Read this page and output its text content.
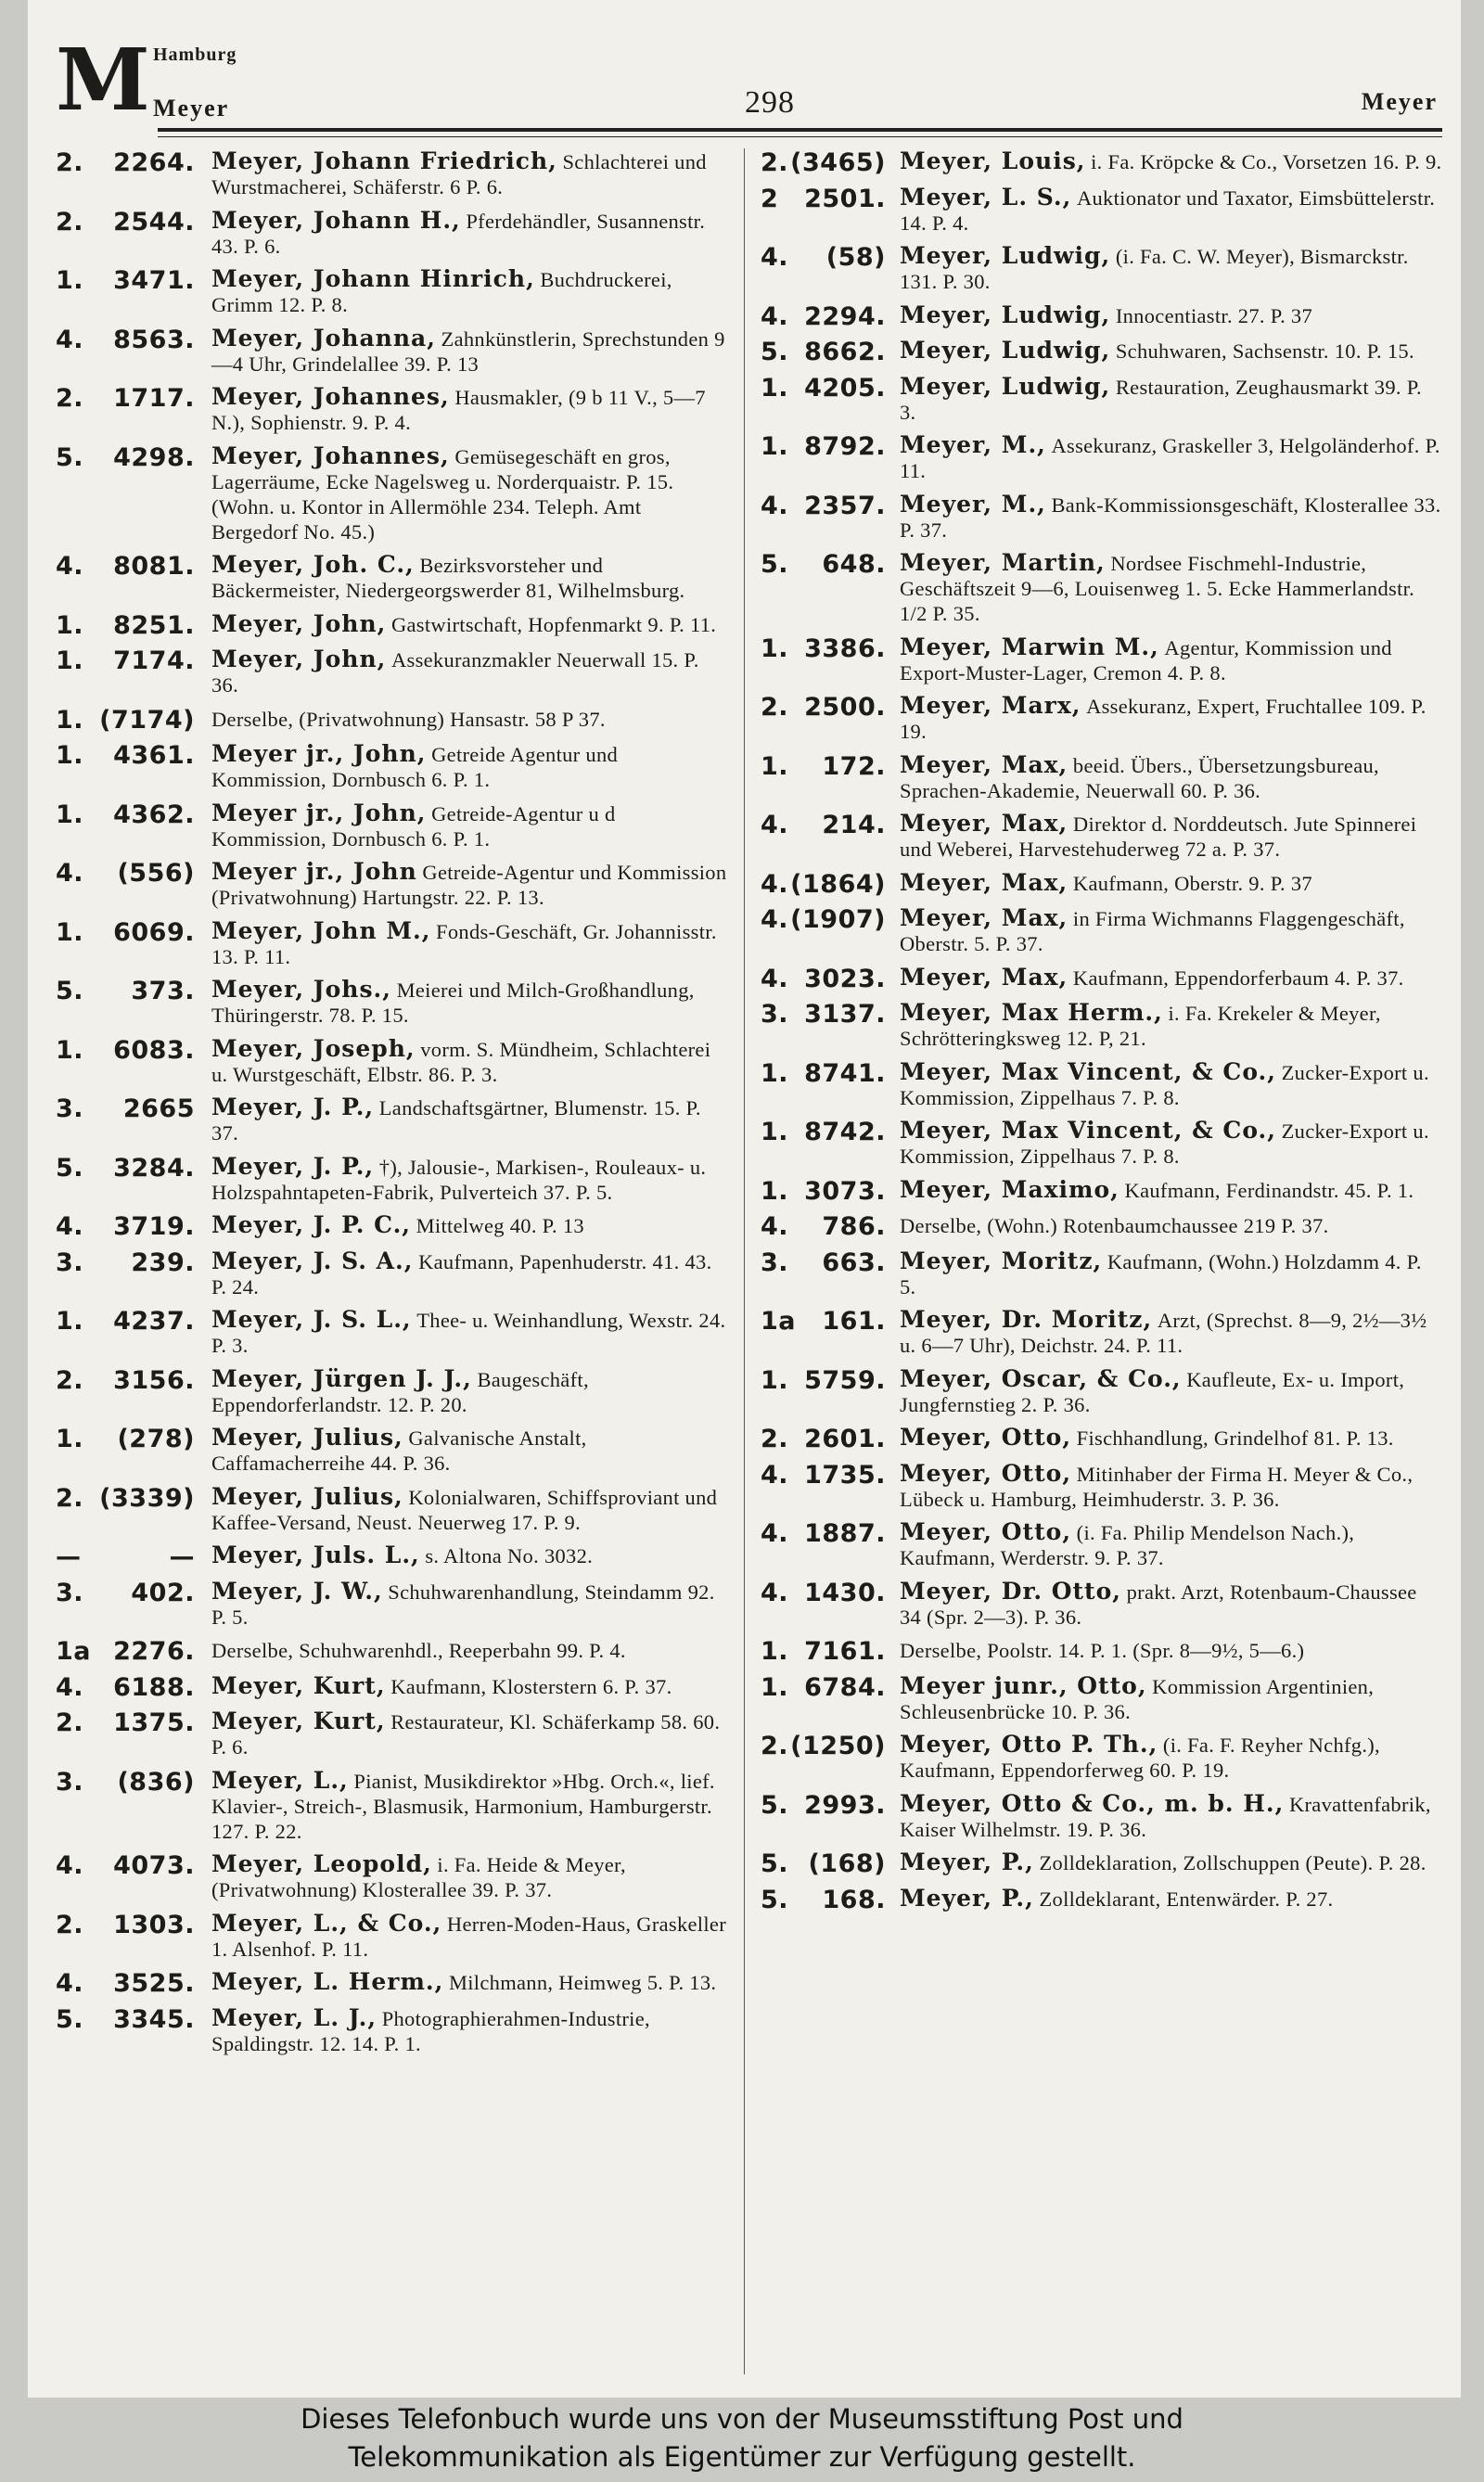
M Hamburg
Meyer	298	Meyer
2. 2264. Meyer, Johann Friedrich, Schlachterei und Wurstmacherei, Schäferstr. 6 P. 6.
2. 2544. Meyer, Johann H., Pferdehändler, Susannenstr. 43. P. 6.
1. 3471. Meyer, Johann Hinrich, Buchdruckerei, Grimm 12. P. 8.
4. 8563. Meyer, Johanna, Zahnkünstlerin, Sprechstunden 9—4 Uhr, Grindelallee 39. P. 13
2. 1717. Meyer, Johannes, Hausmakler, (9 b 11 V., 5—7 N.), Sophienstr. 9. P. 4.
5. 4298. Meyer, Johannes, Gemüsegeschäft en gros, Lagerräume, Ecke Nagelsweg u. Norderquaistr. P. 15. (Wohn. u. Kontor in Allermöhle 234. Teleph. Amt Bergedorf No. 45.)
4. 8081. Meyer, Joh. C., Bezirksvorsteher und Bäckermeister, Niedergeorgswerder 81, Wilhelmsburg.
1. 8251. Meyer, John, Gastwirtschaft, Hopfenmarkt 9. P. 11.
1. 7174. Meyer, John, Assekuranzmakler Neuerwall 15. P. 36.
1. (7174) Derselbe, (Privatwohnung) Hansastr. 58 P 37.
1. 4361. Meyer jr., John, Getreide Agentur und Kommission, Dornbusch 6. P. 1.
1. 4362. Meyer jr., John, Getreide-Agentur u d Kommission, Dornbusch 6. P. 1.
4. (556) Meyer jr., John Getreide-Agentur und Kommission (Privatwohnung) Hartungstr. 22. P. 13.
1. 6069. Meyer, John M., Fonds-Geschäft, Gr. Johannisstr. 13. P. 11.
5. 373. Meyer, Johs., Meierei und Milch-Großhandlung, Thüringerstr. 78. P. 15.
1. 6083. Meyer, Joseph, vorm. S. Mündheim, Schlachterei u. Wurstgeschäft, Elbstr. 86. P. 3.
3. 2665 Meyer, J. P., Landschaftsgärtner, Blumenstr. 15. P. 37.
5. 3284. Meyer, J. P., †), Jalousie-, Markisen-, Rouleaux- u. Holzspahntapeten-Fabrik, Pulverteich 37. P. 5.
4. 3719. Meyer, J. P. C., Mittelweg 40. P. 13
3. 239. Meyer, J. S. A., Kaufmann, Papenhuderstr. 41. 43. P. 24.
1. 4237. Meyer, J. S. L., Thee- u. Weinhandlung, Wexstr. 24. P. 3.
2. 3156. Meyer, Jürgen J. J., Baugeschäft, Eppendorferlandstr. 12. P. 20.
1. (278) Meyer, Julius, Galvanische Anstalt, Caffamacherreihe 44. P. 36.
2. (3339) Meyer, Julius, Kolonialwaren, Schiffsproviant und Kaffee-Versand, Neust. Neuerweg 17. P. 9.
—	— Meyer, Juls. L., s. Altona No. 3032.
3. 402. Meyer, J. W., Schuhwarenhandlung, Steindamm 92. P. 5.
1a 2276. Derselbe, Schuhwarenhdl., Reeperbahn 99. P. 4.
4. 6188. Meyer, Kurt, Kaufmann, Klosterstern 6. P. 37.
2. 1375. Meyer, Kurt, Restaurateur, Kl. Schäferkamp 58. 60. P. 6.
3. (836) Meyer, L., Pianist, Musikdirektor »Hbg. Orch.«, lief. Klavier-, Streich-, Blasmusik, Harmonium, Hamburgerstr. 127. P. 22.
4. 4073. Meyer, Leopold, i. Fa. Heide & Meyer, (Privatwohnung) Klosterallee 39. P. 37.
2. 1303. Meyer, L., & Co., Herren-Moden-Haus, Graskeller 1. Alsenhof. P. 11.
4. 3525. Meyer, L. Herm., Milchmann, Heimweg 5. P. 13.
5. 3345. Meyer, L. J., Photographierahmen-Industrie, Spaldingstr. 12. 14. P. 1.
2. (3465) Meyer, Louis, i. Fa. Kröpcke & Co., Vorsetzen 16. P. 9.
2 2501. Meyer, L. S., Auktionator und Taxator, Eimsbüttelerstr. 14. P. 4.
4. (58) Meyer, Ludwig, (i. Fa. C. W. Meyer), Bismarckstr. 131. P. 30.
4. 2294. Meyer, Ludwig, Innocentiastr. 27. P. 37
5. 8662. Meyer, Ludwig, Schuhwaren, Sachsenstr. 10. P. 15.
1. 4205. Meyer, Ludwig, Restauration, Zeughausmarkt 39. P. 3.
1. 8792. Meyer, M., Assekuranz, Graskeller 3, Helgoländerhof. P. 11.
4. 2357. Meyer, M., Bank-Kommissionsgeschäft, Klosterallee 33. P. 37.
5. 648. Meyer, Martin, Nordsee Fischmehl-Industrie, Geschäftszeit 9—6, Louisenweg 1. 5. Ecke Hammerlandstr. 1/2 P. 35.
1. 3386. Meyer, Marwin M., Agentur, Kommission und Export-Muster-Lager, Cremon 4. P. 8.
2. 2500. Meyer, Marx, Assekuranz, Expert, Fruchtallee 109. P. 19.
1. 172. Meyer, Max, beeid. Übers., Übersetzungsbureau, Sprachen-Akademie, Neuerwall 60. P. 36.
4. 214. Meyer, Max, Direktor d. Norddeutsch. Jute Spinnerei und Weberei, Harvestehuderweg 72 a. P. 37.
4. (1864) Meyer, Max, Kaufmann, Oberstr. 9. P. 37
4. (1907) Meyer, Max, in Firma Wichmanns Flaggengeschäft, Oberstr. 5. P. 37.
4. 3023. Meyer, Max, Kaufmann, Eppendorferbaum 4. P. 37.
3. 3137. Meyer, Max Herm., i. Fa. Krekeler & Meyer, Schrötteringksweg 12. P, 21.
1. 8741. Meyer, Max Vincent, & Co., Zucker-Export u. Kommission, Zippelhaus 7. P. 8.
1. 8742. Meyer, Max Vincent, & Co., Zucker-Export u. Kommission, Zippelhaus 7. P. 8.
1. 3073. Meyer, Maximo, Kaufmann, Ferdinandstr. 45. P. 1.
4. 786. Derselbe, (Wohn.) Rotenbaumchaussee 219 P. 37.
3. 663. Meyer, Moritz, Kaufmann, (Wohn.) Holzdamm 4. P. 5.
1a 161. Meyer, Dr. Moritz, Arzt, (Sprechst. 8—9, 2½—3½ u. 6—7 Uhr), Deichstr. 24. P. 11.
1. 5759. Meyer, Oscar, & Co., Kaufleute, Ex- u. Import, Jungfernstieg 2. P. 36.
2. 2601. Meyer, Otto, Fischhandlung, Grindelhof 81. P. 13.
4. 1735. Meyer, Otto, Mitinhaber der Firma H. Meyer & Co., Lübeck u. Hamburg, Heimhuderstr. 3. P. 36.
4. 1887. Meyer, Otto, (i. Fa. Philip Mendelson Nach.), Kaufmann, Werderstr. 9. P. 37.
4. 1430. Meyer, Dr. Otto, prakt. Arzt, Rotenbaum-Chaussee 34 (Spr. 2—3). P. 36.
1. 7161. Derselbe, Poolstr. 14. P. 1. (Spr. 8—9½, 5—6.)
1. 6784. Meyer junr., Otto, Kommission Argentinien, Schleusenbrücke 10. P. 36.
2. (1250) Meyer, Otto P. Th., (i. Fa. F. Reyher Nchfg.), Kaufmann, Eppendorferweg 60. P. 19.
5. 2993. Meyer, Otto & Co., m. b. H., Kravattenfabrik, Kaiser Wilhelmstr. 19. P. 36.
5. (168) Meyer, P., Zolldeklaration, Zollschuppen (Peute). P. 28.
5. 168. Meyer, P., Zolldeklarant, Entenwärder. P. 27.
Dieses Telefonbuch wurde uns von der Museumsstiftung Post und
Telekommunikation als Eigentümer zur Verfügung gestellt.
